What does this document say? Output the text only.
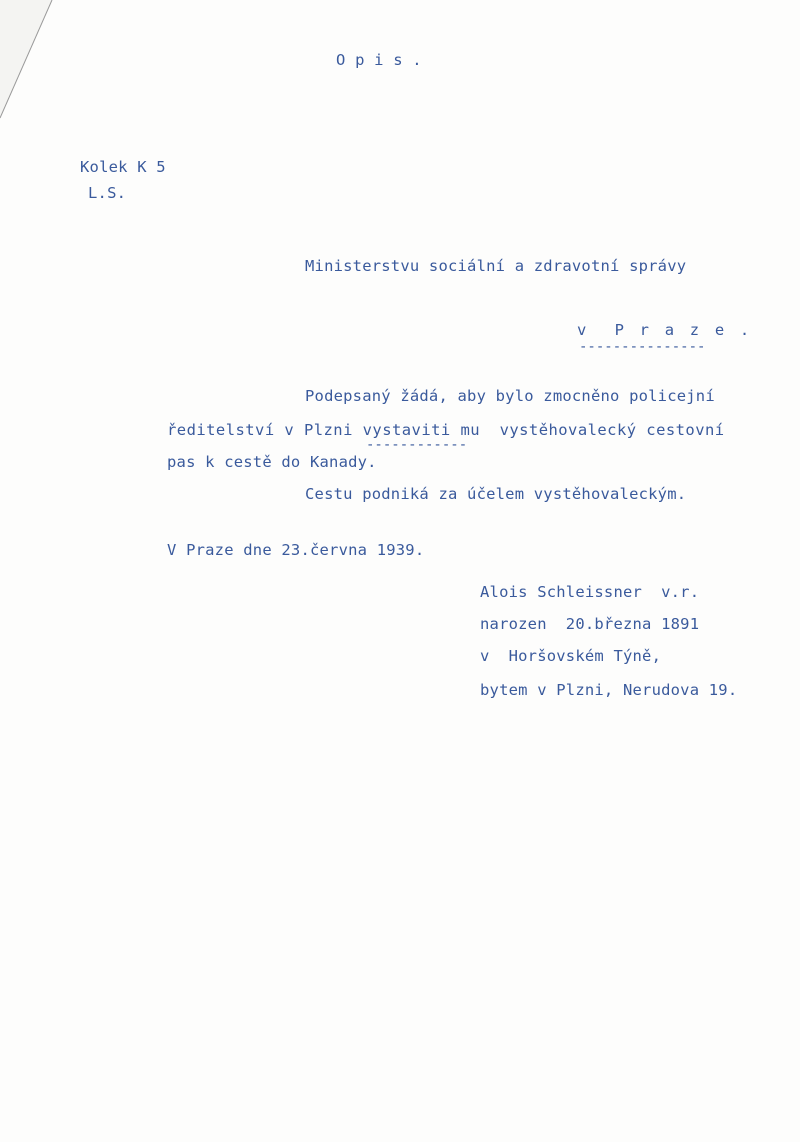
O p i s .
Kolek K 5
L.S.
Ministerstvu sociální a zdravotní správy
v  P r a z e .
---------------
Podepsaný žádá, aby bylo zmocněno policejní
ředitelství v Plzni vystaviti mu  vystěhovalecký cestovní
------------
pas k cestě do Kanady.
Cestu podniká za účelem vystěhovaleckým.
V Praze dne 23.června 1939.
Alois Schleissner  v.r.
narozen  20.března 1891
v  Horšovském Týně,
bytem v Plzni, Nerudova 19.
